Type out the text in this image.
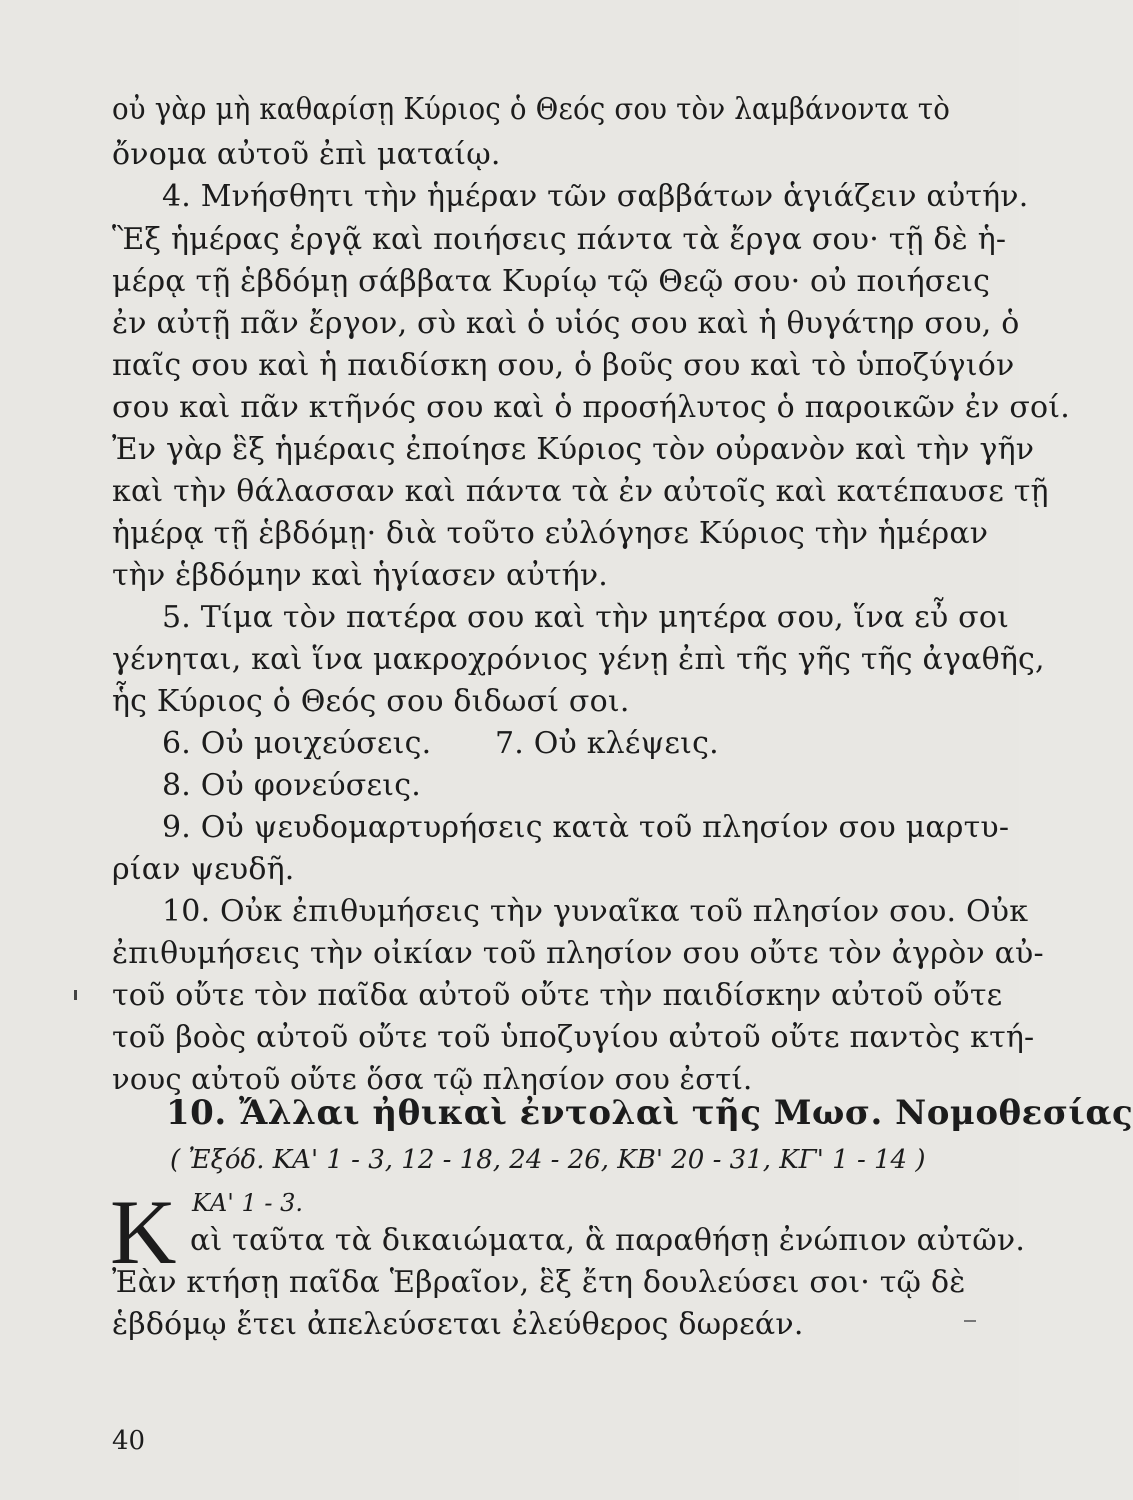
οὐ γὰρ μὴ καθαρίσῃ Κύριος ὁ Θεός σου τὸν λαμβάνοντα τὸ
ὄνομα αὐτοῦ ἐπὶ ματαίῳ.
4. Μνήσθητι τὴν ἡμέραν τῶν σαββάτων ἁγιάζειν αὐτήν.
Ἓξ ἡμέρας ἐργᾷ καὶ ποιήσεις πάντα τὰ ἔργα σου· τῇ δὲ ἡ-
μέρᾳ τῇ ἑβδόμῃ σάββατα Κυρίῳ τῷ Θεῷ σου· οὐ ποιήσεις
ἐν αὐτῇ πᾶν ἔργον, σὺ καὶ ὁ υἱός σου καὶ ἡ θυγάτηρ σου, ὁ
παῖς σου καὶ ἡ παιδίσκη σου, ὁ βοῦς σου καὶ τὸ ὑποζύγιόν
σου καὶ πᾶν κτῆνός σου καὶ ὁ προσήλυτος ὁ παροικῶν ἐν σοί.
Ἐν γὰρ ἓξ ἡμέραις ἐποίησε Κύριος τὸν οὐρανὸν καὶ τὴν γῆν
καὶ τὴν θάλασσαν καὶ πάντα τὰ ἐν αὐτοῖς καὶ κατέπαυσε τῇ
ἡμέρᾳ τῇ ἑβδόμῃ· διὰ τοῦτο εὐλόγησε Κύριος τὴν ἡμέραν
τὴν ἑβδόμην καὶ ἡγίασεν αὐτήν.
5. Τίμα τὸν πατέρα σου καὶ τὴν μητέρα σου, ἵνα εὖ σοι
γένηται, καὶ ἵνα μακροχρόνιος γένῃ ἐπὶ τῆς γῆς τῆς ἀγαθῆς,
ἧς Κύριος ὁ Θεός σου διδωσί σοι.
6. Οὐ μοιχεύσεις.	7. Οὐ κλέψεις.
8. Οὐ φονεύσεις.
9. Οὐ ψευδομαρτυρήσεις κατὰ τοῦ πλησίον σου μαρτυ-
ρίαν ψευδῆ.
10. Οὐκ ἐπιθυμήσεις τὴν γυναῖκα τοῦ πλησίον σου. Οὐκ
ἐπιθυμήσεις τὴν οἰκίαν τοῦ πλησίον σου οὔτε τὸν ἀγρὸν αὐ-
τοῦ οὔτε τὸν παῖδα αὐτοῦ οὔτε τὴν παιδίσκην αὐτοῦ οὔτε
τοῦ βοὸς αὐτοῦ οὔτε τοῦ ὑποζυγίου αὐτοῦ οὔτε παντὸς κτή-
νους αὐτοῦ οὔτε ὅσα τῷ πλησίον σου ἐστί.
10. Ἄλλαι ἠθικαὶ ἐντολαὶ τῆς Μωσ. Νομοθεσίας
( Ἐξόδ. ΚΑ' 1 - 3, 12 - 18, 24 - 26, ΚΒ' 20 - 31, ΚΓ' 1 - 14 )
Κ ΚΑ' 1 - 3.
αὶ ταῦτα τὰ δικαιώματα, ἃ παραθήσῃ ἐνώπιον αὐτῶν.
Ἐὰν κτήσῃ παῖδα Ἑβραῖον, ἓξ ἔτη δουλεύσει σοι· τῷ δὲ
ἑβδόμῳ ἔτει ἀπελεύσεται ἐλεύθερος δωρεάν.
40
